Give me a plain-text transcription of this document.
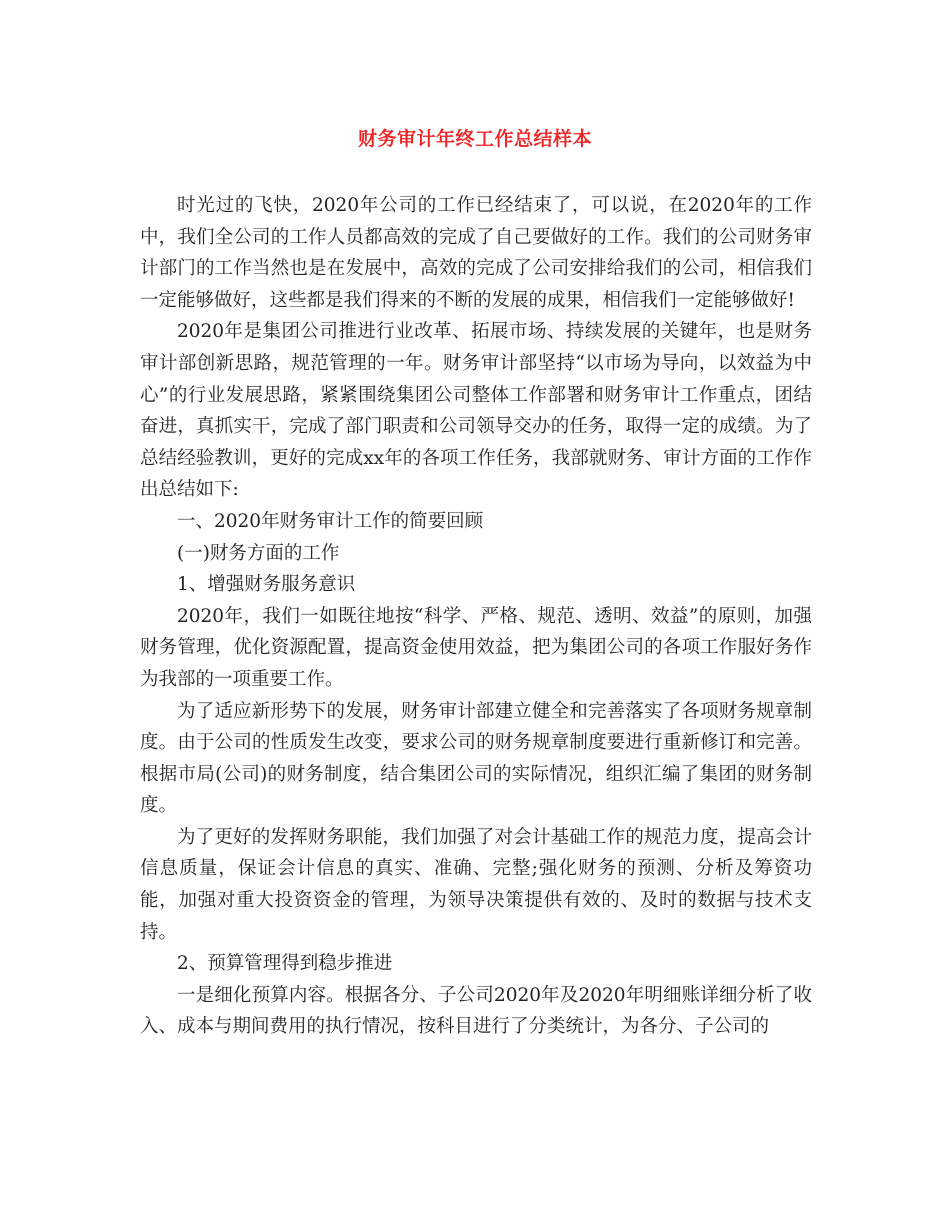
财务审计年终工作总结样本

时光过的飞快，2020年公司的工作已经结束了，可以说，在2020年的工作中，我们全公司的工作人员都高效的完成了自己要做好的工作。我们的公司财务审计部门的工作当然也是在发展中，高效的完成了公司安排给我们的公司，相信我们一定能够做好，这些都是我们得来的不断的发展的成果，相信我们一定能够做好!

2020年是集团公司推进行业改革、拓展市场、持续发展的关键年，也是财务审计部创新思路，规范管理的一年。财务审计部坚持“以市场为导向，以效益为中心”的行业发展思路，紧紧围绕集团公司整体工作部署和财务审计工作重点，团结奋进，真抓实干，完成了部门职责和公司领导交办的任务，取得一定的成绩。为了总结经验教训，更好的完成xx年的各项工作任务，我部就财务、审计方面的工作作出总结如下:

一、2020年财务审计工作的简要回顾

(一)财务方面的工作

1、增强财务服务意识

2020年，我们一如既往地按“科学、严格、规范、透明、效益”的原则，加强财务管理，优化资源配置，提高资金使用效益，把为集团公司的各项工作服好务作为我部的一项重要工作。

为了适应新形势下的发展，财务审计部建立健全和完善落实了各项财务规章制度。由于公司的性质发生改变，要求公司的财务规章制度要进行重新修订和完善。根据市局(公司)的财务制度，结合集团公司的实际情况，组织汇编了集团的财务制度。

为了更好的发挥财务职能，我们加强了对会计基础工作的规范力度，提高会计信息质量，保证会计信息的真实、准确、完整;强化财务的预测、分析及筹资功能，加强对重大投资资金的管理，为领导决策提供有效的、及时的数据与技术支持。

2、预算管理得到稳步推进

一是细化预算内容。根据各分、子公司2020年及2020年明细账详细分析了收入、成本与期间费用的执行情况，按科目进行了分类统计，为各分、子公司的
